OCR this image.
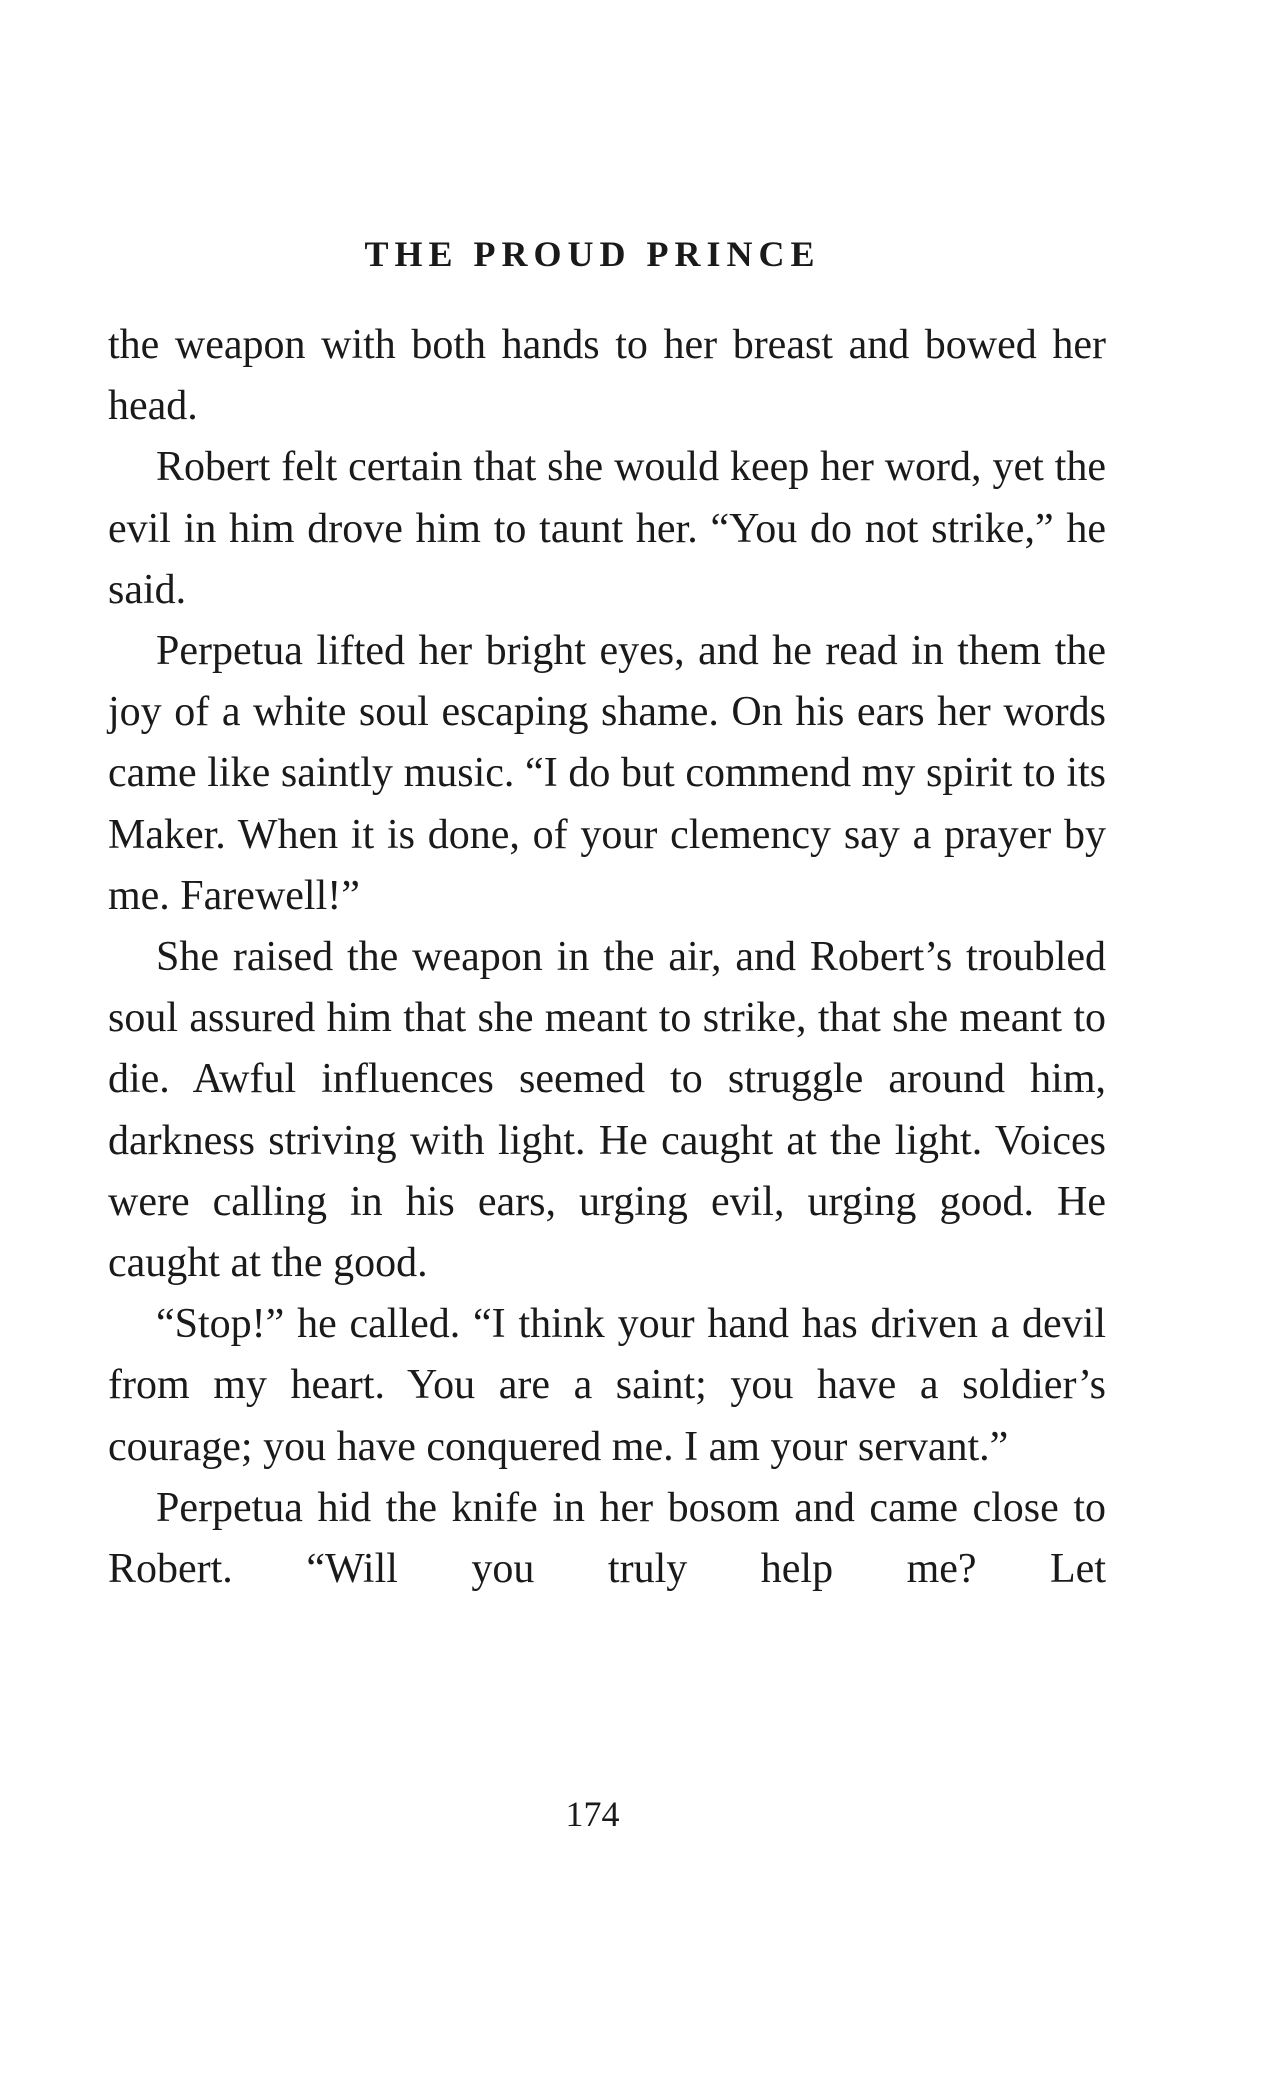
THE PROUD PRINCE

the weapon with both hands to her breast and bowed her head.

Robert felt certain that she would keep her word, yet the evil in him drove him to taunt her. “You do not strike,” he said.

Perpetua lifted her bright eyes, and he read in them the joy of a white soul escaping shame. On his ears her words came like saintly music. “I do but commend my spirit to its Maker. When it is done, of your clemency say a prayer by me. Farewell!”

She raised the weapon in the air, and Robert’s troubled soul assured him that she meant to strike, that she meant to die. Awful influences seemed to struggle around him, darkness striving with light. He caught at the light. Voices were calling in his ears, urging evil, urging good. He caught at the good.

“Stop!” he called. “I think your hand has driven a devil from my heart. You are a saint; you have a soldier’s courage; you have conquered me. I am your servant.”

Perpetua hid the knife in her bosom and came close to Robert. “Will you truly help me? Let

174
